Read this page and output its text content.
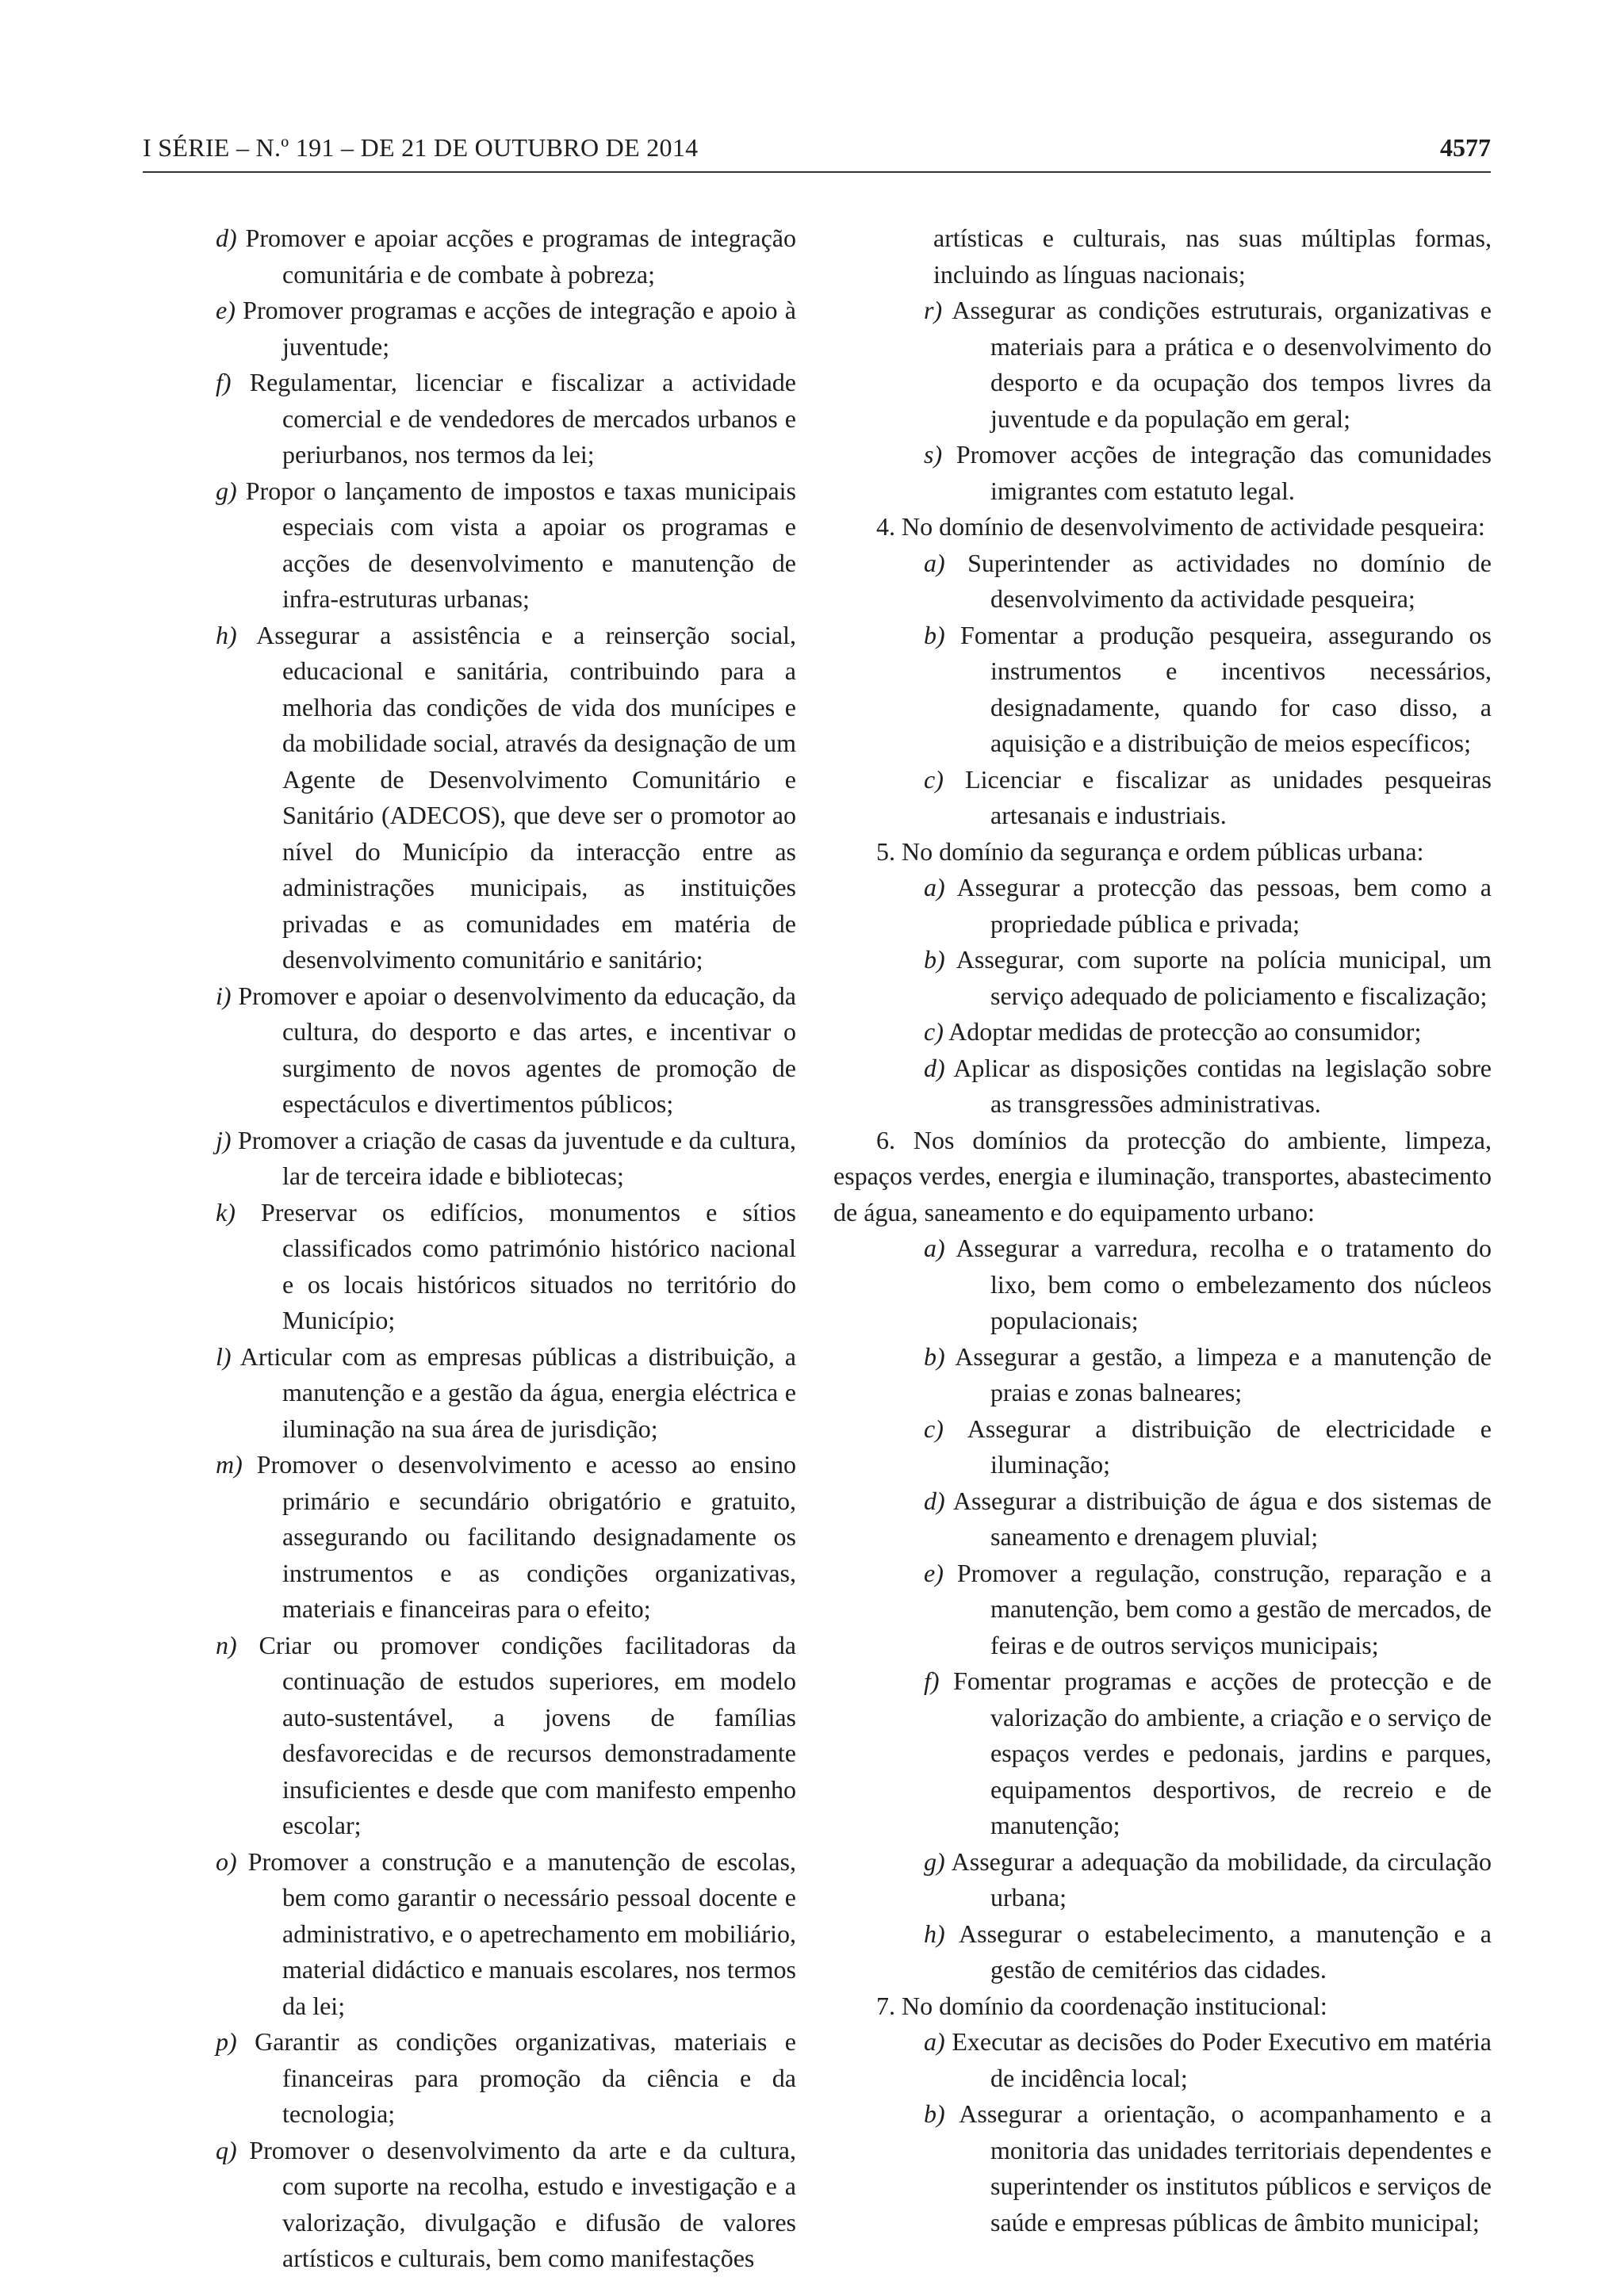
I SÉRIE – N.º 191 – DE 21 DE OUTUBRO DE 2014	4577
d) Promover e apoiar acções e programas de integração comunitária e de combate à pobreza;
e) Promover programas e acções de integração e apoio à juventude;
f) Regulamentar, licenciar e fiscalizar a actividade comercial e de vendedores de mercados urbanos e periurbanos, nos termos da lei;
g) Propor o lançamento de impostos e taxas municipais especiais com vista a apoiar os programas e acções de desenvolvimento e manutenção de infra-estruturas urbanas;
h) Assegurar a assistência e a reinserção social, educacional e sanitária, contribuindo para a melhoria das condições de vida dos munícipes e da mobilidade social, através da designação de um Agente de Desenvolvimento Comunitário e Sanitário (ADECOS), que deve ser o promotor ao nível do Município da interacção entre as administrações municipais, as instituições privadas e as comunidades em matéria de desenvolvimento comunitário e sanitário;
i) Promover e apoiar o desenvolvimento da educação, da cultura, do desporto e das artes, e incentivar o surgimento de novos agentes de promoção de espectáculos e divertimentos públicos;
j) Promover a criação de casas da juventude e da cultura, lar de terceira idade e bibliotecas;
k) Preservar os edifícios, monumentos e sítios classificados como património histórico nacional e os locais históricos situados no território do Município;
l) Articular com as empresas públicas a distribuição, a manutenção e a gestão da água, energia eléctrica e iluminação na sua área de jurisdição;
m) Promover o desenvolvimento e acesso ao ensino primário e secundário obrigatório e gratuito, assegurando ou facilitando designadamente os instrumentos e as condições organizativas, materiais e financeiras para o efeito;
n) Criar ou promover condições facilitadoras da continuação de estudos superiores, em modelo auto-sustentável, a jovens de famílias desfavorecidas e de recursos demonstradamente insuficientes e desde que com manifesto empenho escolar;
o) Promover a construção e a manutenção de escolas, bem como garantir o necessário pessoal docente e administrativo, e o apetrechamento em mobiliário, material didáctico e manuais escolares, nos termos da lei;
p) Garantir as condições organizativas, materiais e financeiras para promoção da ciência e da tecnologia;
q) Promover o desenvolvimento da arte e da cultura, com suporte na recolha, estudo e investigação e a valorização, divulgação e difusão de valores artísticos e culturais, bem como manifestações
artísticas e culturais, nas suas múltiplas formas, incluindo as línguas nacionais;
r) Assegurar as condições estruturais, organizativas e materiais para a prática e o desenvolvimento do desporto e da ocupação dos tempos livres da juventude e da população em geral;
s) Promover acções de integração das comunidades imigrantes com estatuto legal.
4. No domínio de desenvolvimento de actividade pesqueira:
a) Superintender as actividades no domínio de desenvolvimento da actividade pesqueira;
b) Fomentar a produção pesqueira, assegurando os instrumentos e incentivos necessários, designadamente, quando for caso disso, a aquisição e a distribuição de meios específicos;
c) Licenciar e fiscalizar as unidades pesqueiras artesanais e industriais.
5. No domínio da segurança e ordem públicas urbana:
a) Assegurar a protecção das pessoas, bem como a propriedade pública e privada;
b) Assegurar, com suporte na polícia municipal, um serviço adequado de policiamento e fiscalização;
c) Adoptar medidas de protecção ao consumidor;
d) Aplicar as disposições contidas na legislação sobre as transgressões administrativas.
6. Nos domínios da protecção do ambiente, limpeza, espaços verdes, energia e iluminação, transportes, abastecimento de água, saneamento e do equipamento urbano:
a) Assegurar a varredura, recolha e o tratamento do lixo, bem como o embelezamento dos núcleos populacionais;
b) Assegurar a gestão, a limpeza e a manutenção de praias e zonas balneares;
c) Assegurar a distribuição de electricidade e iluminação;
d) Assegurar a distribuição de água e dos sistemas de saneamento e drenagem pluvial;
e) Promover a regulação, construção, reparação e a manutenção, bem como a gestão de mercados, de feiras e de outros serviços municipais;
f) Fomentar programas e acções de protecção e de valorização do ambiente, a criação e o serviço de espaços verdes e pedonais, jardins e parques, equipamentos desportivos, de recreio e de manutenção;
g) Assegurar a adequação da mobilidade, da circulação urbana;
h) Assegurar o estabelecimento, a manutenção e a gestão de cemitérios das cidades.
7. No domínio da coordenação institucional:
a) Executar as decisões do Poder Executivo em matéria de incidência local;
b) Assegurar a orientação, o acompanhamento e a monitoria das unidades territoriais dependentes e superintender os institutos públicos e serviços de saúde e empresas públicas de âmbito municipal;
